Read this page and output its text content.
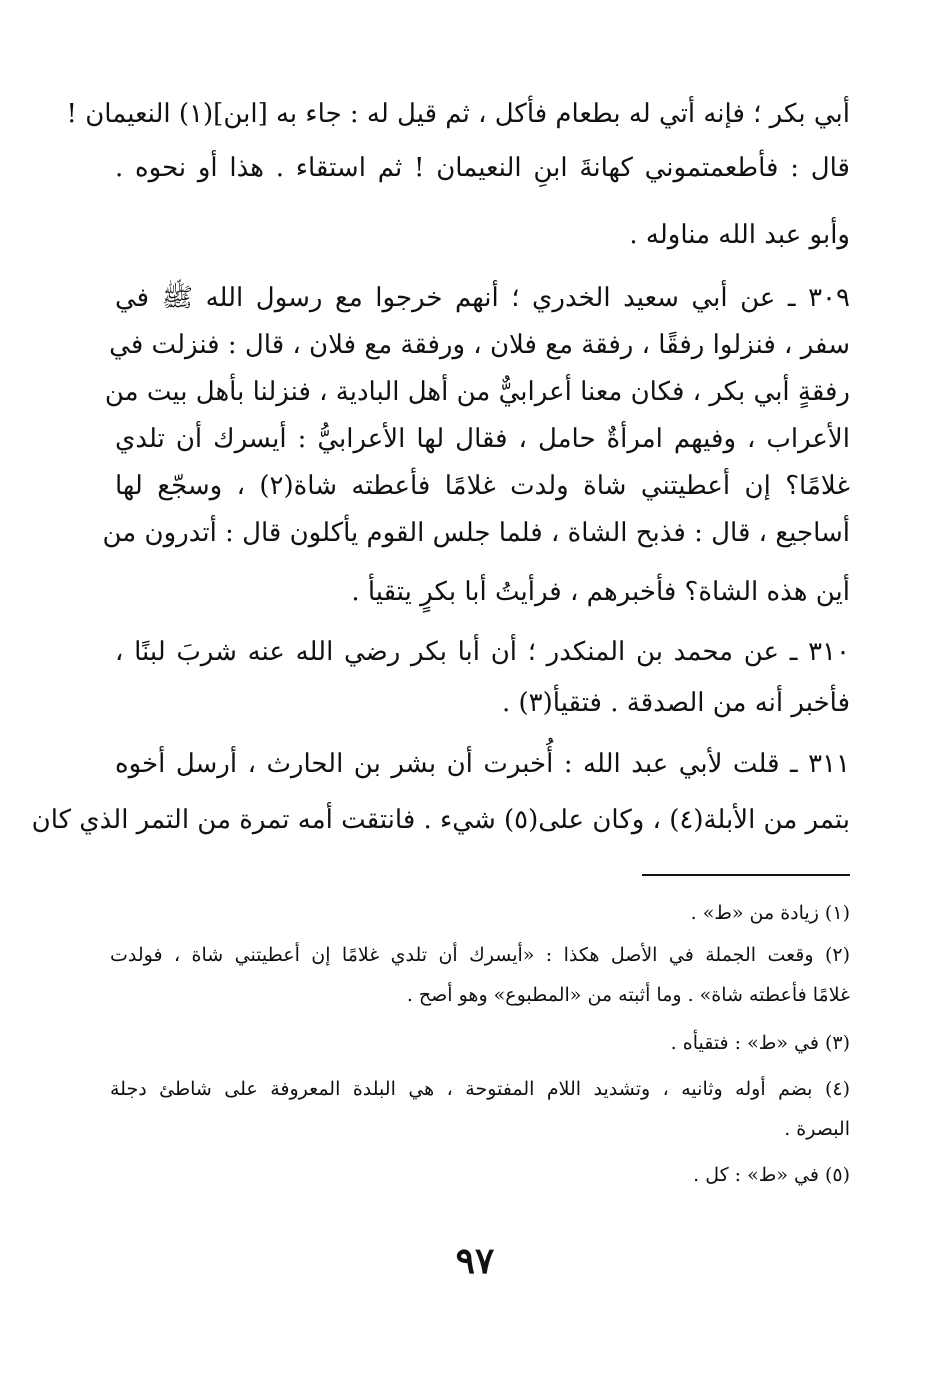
أبي بكر ؛ فإنه أتي له بطعام فأكل ، ثم قيل له : جاء به [ابن](١) النعيمان !
قال : فأطعمتموني كهانةَ ابنِ النعيمان ! ثم استقاء . هذا أو نحوه .
وأبو عبد الله مناوله .
٣٠٩ ـ عن أبي سعيد الخدري ؛ أنهم خرجوا مع رسول الله ﷺ في
سفر ، فنزلوا رفقًا ، رفقة مع فلان ، ورفقة مع فلان ، قال : فنزلت في
رفقةٍ أبي بكر ، فكان معنا أعرابيٌّ من أهل البادية ، فنزلنا بأهل بيت من
الأعراب ، وفيهم امرأةٌ حامل ، فقال لها الأعرابيُّ : أيسرك أن تلدي
غلامًا؟ إن أعطيتني شاة ولدت غلامًا فأعطته شاة(٢) ، وسجّع لها
أساجيع ، قال : فذبح الشاة ، فلما جلس القوم يأكلون قال : أتدرون من
أين هذه الشاة؟ فأخبرهم ، فرأيتُ أبا بكرٍ يتقيأ .
٣١٠ ـ عن محمد بن المنكدر ؛ أن أبا بكر رضي الله عنه شربَ لبنًا ،
فأخبر أنه من الصدقة . فتقيأ(٣) .
٣١١ ـ قلت لأبي عبد الله : أُخبرت أن بشر بن الحارث ، أرسل أخوه
بتمر من الأبلة(٤) ، وكان على(٥) شيء . فانتقت أمه تمرة من التمر الذي كان
(١) زيادة من «ط» .
(٢) وقعت الجملة في الأصل هكذا : «أيسرك أن تلدي غلامًا إن أعطيتني شاة ، فولدت
غلامًا فأعطته شاة» . وما أثبته من «المطبوع» وهو أصح .
(٣) في «ط» : فتقيأه .
(٤) بضم أوله وثانيه ، وتشديد اللام المفتوحة ، هي البلدة المعروفة على شاطئ دجلة
البصرة .
(٥) في «ط» : كل .
٩٧
